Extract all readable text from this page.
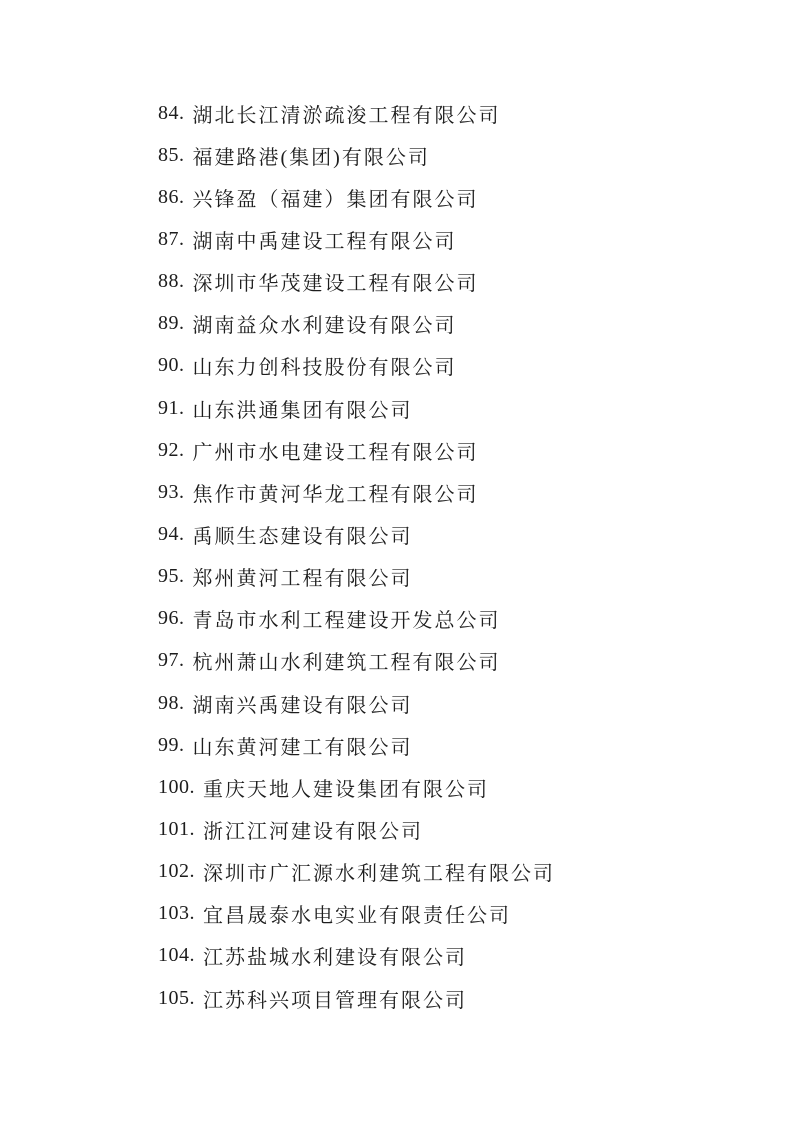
84. 湖北长江清淤疏浚工程有限公司
85. 福建路港(集团)有限公司
86. 兴锋盈（福建）集团有限公司
87. 湖南中禹建设工程有限公司
88. 深圳市华茂建设工程有限公司
89. 湖南益众水利建设有限公司
90. 山东力创科技股份有限公司
91. 山东洪通集团有限公司
92. 广州市水电建设工程有限公司
93. 焦作市黄河华龙工程有限公司
94. 禹顺生态建设有限公司
95. 郑州黄河工程有限公司
96. 青岛市水利工程建设开发总公司
97. 杭州萧山水利建筑工程有限公司
98. 湖南兴禹建设有限公司
99. 山东黄河建工有限公司
100. 重庆天地人建设集团有限公司
101. 浙江江河建设有限公司
102. 深圳市广汇源水利建筑工程有限公司
103. 宜昌晟泰水电实业有限责任公司
104. 江苏盐城水利建设有限公司
105. 江苏科兴项目管理有限公司
